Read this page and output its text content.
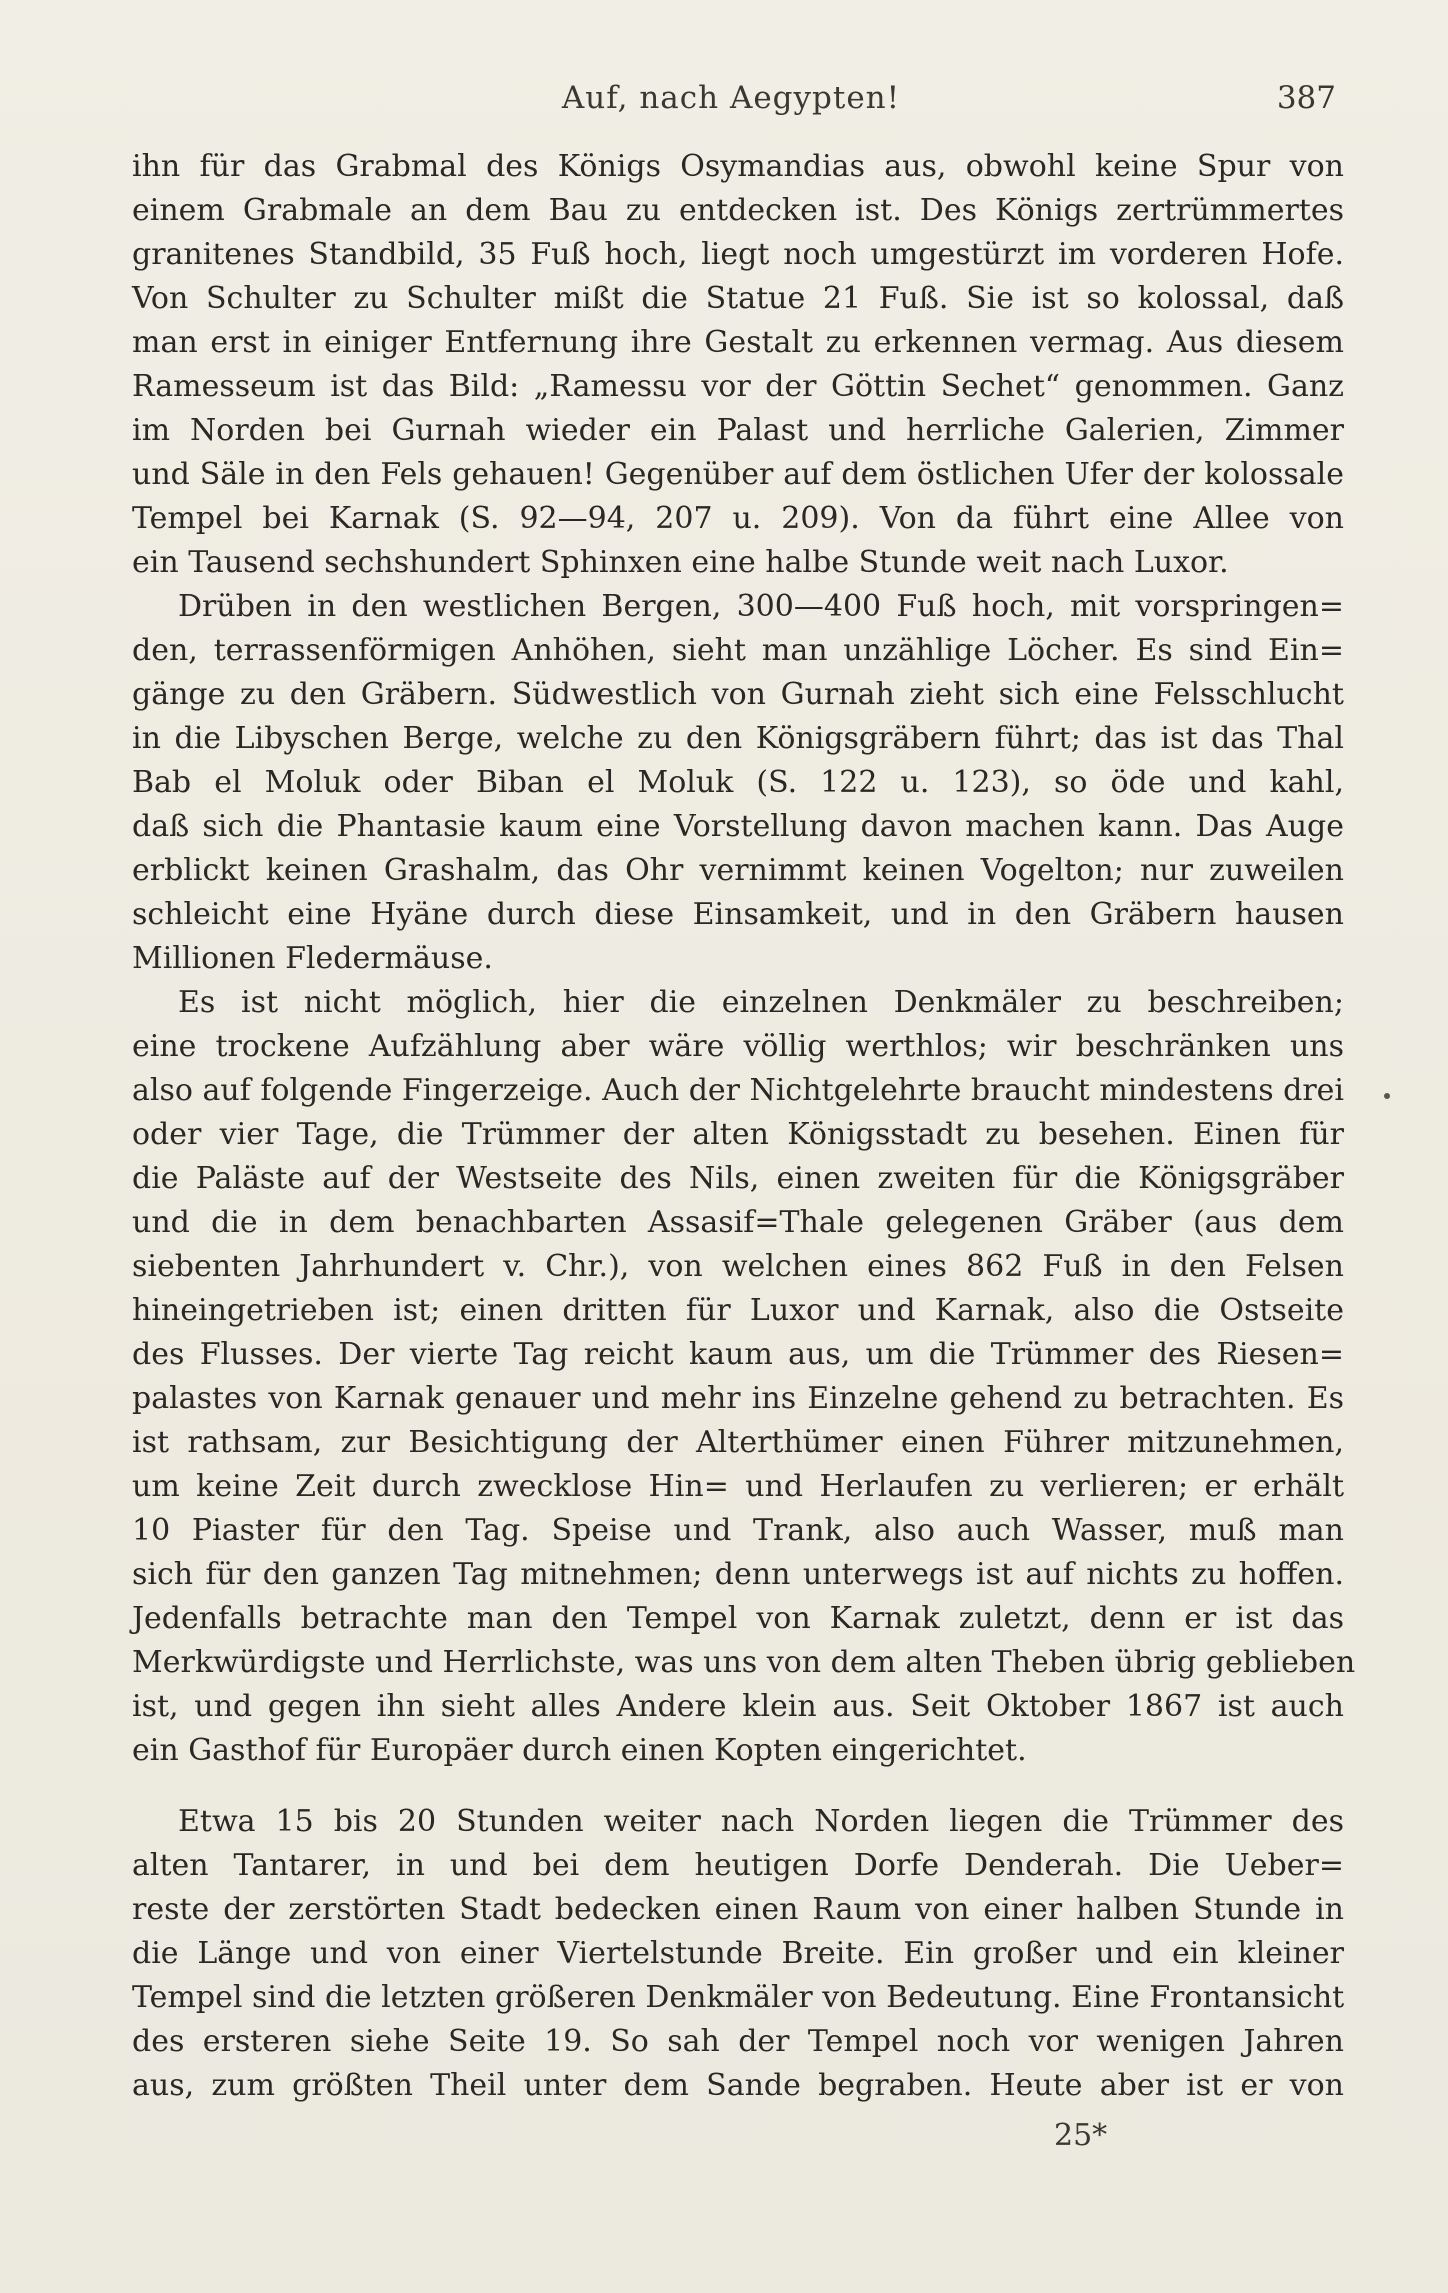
Auf, nach Aegypten!	387
ihn für das Grabmal des Königs Osymandias aus, obwohl keine Spur von
einem Grabmale an dem Bau zu entdecken ist. Des Königs zertrümmertes
granitenes Standbild, 35 Fuß hoch, liegt noch umgestürzt im vorderen Hofe.
Von Schulter zu Schulter mißt die Statue 21 Fuß. Sie ist so kolossal, daß
man erst in einiger Entfernung ihre Gestalt zu erkennen vermag. Aus diesem
Ramesseum ist das Bild: „Ramessu vor der Göttin Sechet“ genommen. Ganz
im Norden bei Gurnah wieder ein Palast und herrliche Galerien, Zimmer
und Säle in den Fels gehauen! Gegenüber auf dem östlichen Ufer der kolossale
Tempel bei Karnak (S. 92—94, 207 u. 209). Von da führt eine Allee von
ein Tausend sechshundert Sphinxen eine halbe Stunde weit nach Luxor.
Drüben in den westlichen Bergen, 300—400 Fuß hoch, mit vorspringen=
den, terrassenförmigen Anhöhen, sieht man unzählige Löcher. Es sind Ein=
gänge zu den Gräbern. Südwestlich von Gurnah zieht sich eine Felsschlucht
in die Libyschen Berge, welche zu den Königsgräbern führt; das ist das Thal
Bab el Moluk oder Biban el Moluk (S. 122 u. 123), so öde und kahl,
daß sich die Phantasie kaum eine Vorstellung davon machen kann. Das Auge
erblickt keinen Grashalm, das Ohr vernimmt keinen Vogelton; nur zuweilen
schleicht eine Hyäne durch diese Einsamkeit, und in den Gräbern hausen
Millionen Fledermäuse.
Es ist nicht möglich, hier die einzelnen Denkmäler zu beschreiben;
eine trockene Aufzählung aber wäre völlig werthlos; wir beschränken uns
also auf folgende Fingerzeige. Auch der Nichtgelehrte braucht mindestens drei
oder vier Tage, die Trümmer der alten Königsstadt zu besehen. Einen für
die Paläste auf der Westseite des Nils, einen zweiten für die Königsgräber
und die in dem benachbarten Assasif=Thale gelegenen Gräber (aus dem
siebenten Jahrhundert v. Chr.), von welchen eines 862 Fuß in den Felsen
hineingetrieben ist; einen dritten für Luxor und Karnak, also die Ostseite
des Flusses. Der vierte Tag reicht kaum aus, um die Trümmer des Riesen=
palastes von Karnak genauer und mehr ins Einzelne gehend zu betrachten. Es
ist rathsam, zur Besichtigung der Alterthümer einen Führer mitzunehmen,
um keine Zeit durch zwecklose Hin= und Herlaufen zu verlieren; er erhält
10 Piaster für den Tag. Speise und Trank, also auch Wasser, muß man
sich für den ganzen Tag mitnehmen; denn unterwegs ist auf nichts zu hoffen.
Jedenfalls betrachte man den Tempel von Karnak zuletzt, denn er ist das
Merkwürdigste und Herrlichste, was uns von dem alten Theben übrig geblieben
ist, und gegen ihn sieht alles Andere klein aus. Seit Oktober 1867 ist auch
ein Gasthof für Europäer durch einen Kopten eingerichtet.
Etwa 15 bis 20 Stunden weiter nach Norden liegen die Trümmer des
alten Tantarer, in und bei dem heutigen Dorfe Denderah. Die Ueber=
reste der zerstörten Stadt bedecken einen Raum von einer halben Stunde in
die Länge und von einer Viertelstunde Breite. Ein großer und ein kleiner
Tempel sind die letzten größeren Denkmäler von Bedeutung. Eine Frontansicht
des ersteren siehe Seite 19. So sah der Tempel noch vor wenigen Jahren
aus, zum größten Theil unter dem Sande begraben. Heute aber ist er von
25*
